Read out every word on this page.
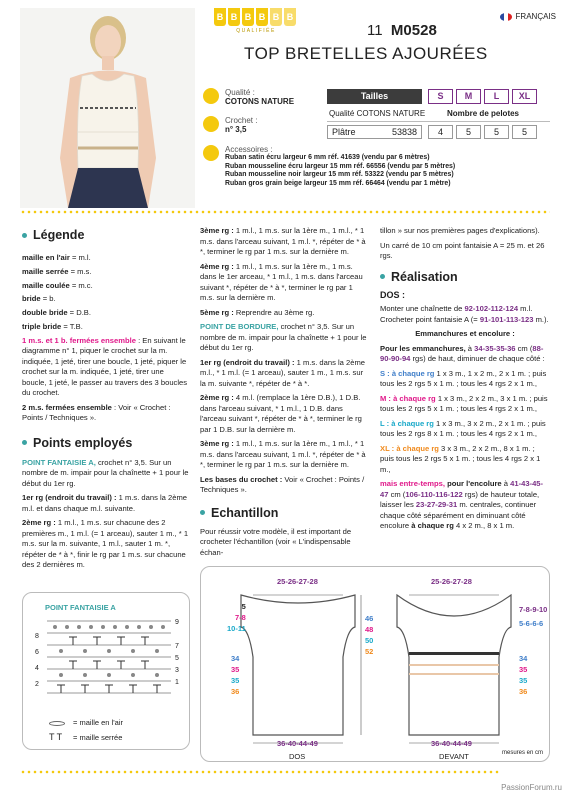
B B B B B B
QUALIFIÉE
FRANÇAIS
11 M0528
TOP BRETELLES AJOURÉES
Qualité :
COTONS NATURE
Crochet :
n° 3,5
Accessoires :
Ruban satin écru largeur 6 mm réf. 41639 (vendu par 6 mètres)
Ruban mousseline écru largeur 15 mm réf. 66556 (vendu par 5 mètres)
Ruban mousseline noir largeur 15 mm réf. 53322 (vendu par 5 mètres)
Ruban gros grain beige largeur 15 mm réf. 66464 (vendu par 1 mètre)
Tailles	S	M	L	XL
Qualité COTONS NATURE	Nombre de pelotes
Plâtre	53838	4	5	5	5
Légende
maille en l'air = m.l.
maille serrée = m.s.
maille coulée = m.c.
bride = b.
double bride = D.B.
triple bride = T.B.

1 m.s. et 1 b. fermées ensemble : En suivant le diagramme n° 1, piquer le crochet sur la m. indiquée, 1 jeté, tirer une boucle, 1 jeté, piquer le crochet sur la m. indiquée, 1 jeté, tirer une boucle, 1 jeté, le passer au travers des 3 boucles du crochet.

2 m.s. fermées ensemble : Voir « Crochet : Points / Techniques ».

Points employés

POINT FANTAISIE A, crochet n° 3,5. Sur un nombre de m. impair pour la chaînette + 1 pour le début du 1er rg.

1er rg (endroit du travail) : 1 m.s. dans la 2ème m.l. et dans chaque m.l. suivante.

2ème rg : 1 m.l., 1 m.s. sur chacune des 2 premières m., 1 m.l. (= 1 arceau), sauter 1 m., * 1 m.s. sur la m. suivante, 1 m.l., sauter 1 m. *, répéter de * à *, finir le rg par 1 m.s. sur chacune des 2 dernières m.

POINT FANTAISIE A
9
7
5
3
1
8
6
4
2
= maille en l'air
T T = maille serrée

3ème rg : 1 m.l., 1 m.s. sur la 1ère m., 1 m.l., * 1 m.s. dans l'arceau suivant, 1 m.l. *, répéter de * à *, terminer le rg par 1 m.s. sur la dernière m.

4ème rg : 1 m.l., 1 m.s. sur la 1ère m., 1 m.s. dans le 1er arceau, * 1 m.l., 1 m.s. dans l'arceau suivant *, répéter de * à *, terminer le rg par 1 m.s. sur la dernière m.

5ème rg : Reprendre au 3ème rg.

POINT DE BORDURE, crochet n° 3,5. Sur un nombre de m. impair pour la chaînette + 1 pour le début du 1er rg.

1er rg (endroit du travail) : 1 m.s. dans la 2ème m.l., * 1 m.l. (= 1 arceau), sauter 1 m., 1 m.s. sur la m. suivante *, répéter de * à *.

2ème rg : 4 m.l. (remplace la 1ère D.B.), 1 D.B. dans l'arceau suivant, * 1 m.l., 1 D.B. dans l'arceau suivant *, répéter de * à *, terminer le rg par 1 D.B. sur la dernière m.

3ème rg : 1 m.l., 1 m.s. sur la 1ère m., 1 m.l., * 1 m.s. dans l'arceau suivant, 1 m.l. *, répéter de * à *, terminer le rg par 1 m.s. sur la dernière m.

Les bases du crochet : Voir « Crochet : Points / Techniques ».

Echantillon
Pour réussir votre modèle, il est important de crocheter l'échantillon (voir « L'indispensable échan-

tillon » sur nos premières pages d'explications).

Un carré de 10 cm point fantaisie A = 25 m. et 26 rgs.

Réalisation

DOS :

Monter une chaînette de 92-102-112-124 m.l. Crocheter point fantaisie A (= 91-101-113-123 m.).

Emmanchures et encolure :

Pour les emmanchures, à 34-35-35-36 cm (88-90-90-94 rgs) de haut, diminuer de chaque côté :

S : à chaque rg 1 x 3 m., 1 x 2 m., 2 x 1 m. ; puis tous les 2 rgs 5 x 1 m. ; tous les 4 rgs 2 x 1 m.,

M : à chaque rg 1 x 3 m., 2 x 2 m., 3 x 1 m. ; puis tous les 2 rgs 5 x 1 m. ; tous les 4 rgs 2 x 1 m.,

L : à chaque rg 1 x 3 m., 3 x 2 m., 2 x 1 m. ; puis tous les 2 rgs 8 x 1 m. ; tous les 4 rgs 2 x 1 m.,

XL : à chaque rg 3 x 3 m., 2 x 2 m., 8 x 1 m. ; puis tous les 2 rgs 5 x 1 m. ; tous les 4 rgs 2 x 1 m.,

mais entre-temps, pour l'encolure à 41-43-45-47 cm (106-110-116-122 rgs) de hauteur totale, laisser les 23-27-29-31 m. centrales, continuer chaque côté séparément en diminuant côté encolure à chaque rg 4 x 2 m., 8 x 1 m.

25-26-27-28	25-26-27-28
5
7-8
10-11
7-8-9-10
5-6-6-6
46
48
50
52
34
35
35
36
34
35
35
36
36-40-44-49	36-40-44-49
DOS	DEVANT	mesures en cm
PassionForum.ru
